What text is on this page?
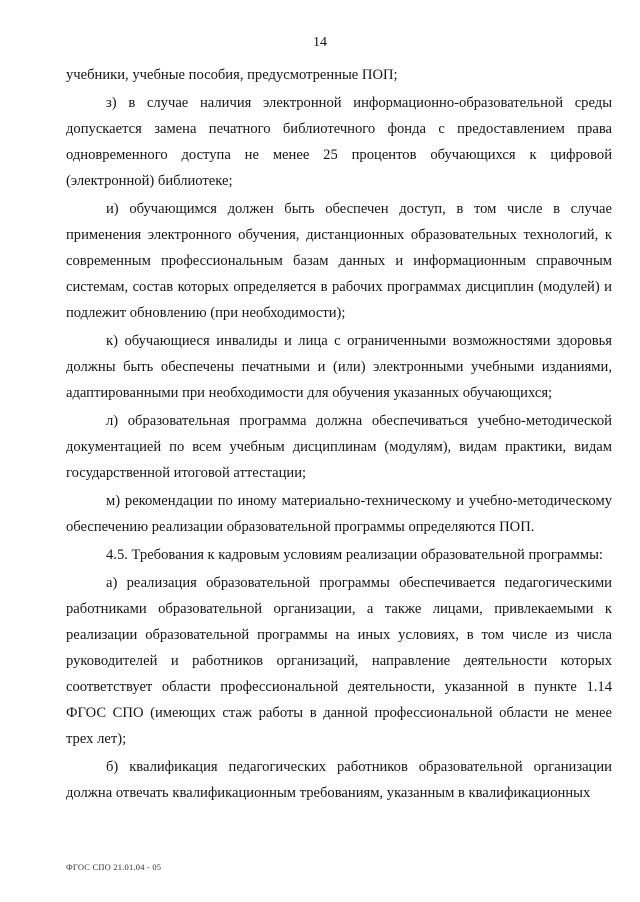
14

учебники, учебные пособия, предусмотренные ПОП;

з) в случае наличия электронной информационно-образовательной среды допускается замена печатного библиотечного фонда с предоставлением права одновременного доступа не менее 25 процентов обучающихся к цифровой (электронной) библиотеке;

и) обучающимся должен быть обеспечен доступ, в том числе в случае применения электронного обучения, дистанционных образовательных технологий, к современным профессиональным базам данных и информационным справочным системам, состав которых определяется в рабочих программах дисциплин (модулей) и подлежит обновлению (при необходимости);

к) обучающиеся инвалиды и лица с ограниченными возможностями здоровья должны быть обеспечены печатными и (или) электронными учебными изданиями, адаптированными при необходимости для обучения указанных обучающихся;

л) образовательная программа должна обеспечиваться учебно-методической документацией по всем учебным дисциплинам (модулям), видам практики, видам государственной итоговой аттестации;

м) рекомендации по иному материально-техническому и учебно-методическому обеспечению реализации образовательной программы определяются ПОП.

4.5. Требования к кадровым условиям реализации образовательной программы:

а) реализация образовательной программы обеспечивается педагогическими работниками образовательной организации, а также лицами, привлекаемыми к реализации образовательной программы на иных условиях, в том числе из числа руководителей и работников организаций, направление деятельности которых соответствует области профессиональной деятельности, указанной в пункте 1.14 ФГОС СПО (имеющих стаж работы в данной профессиональной области не менее трех лет);

б) квалификация педагогических работников образовательной организации должна отвечать квалификационным требованиям, указанным в квалификационных

ФГОС СПО 21.01.04 - 05
